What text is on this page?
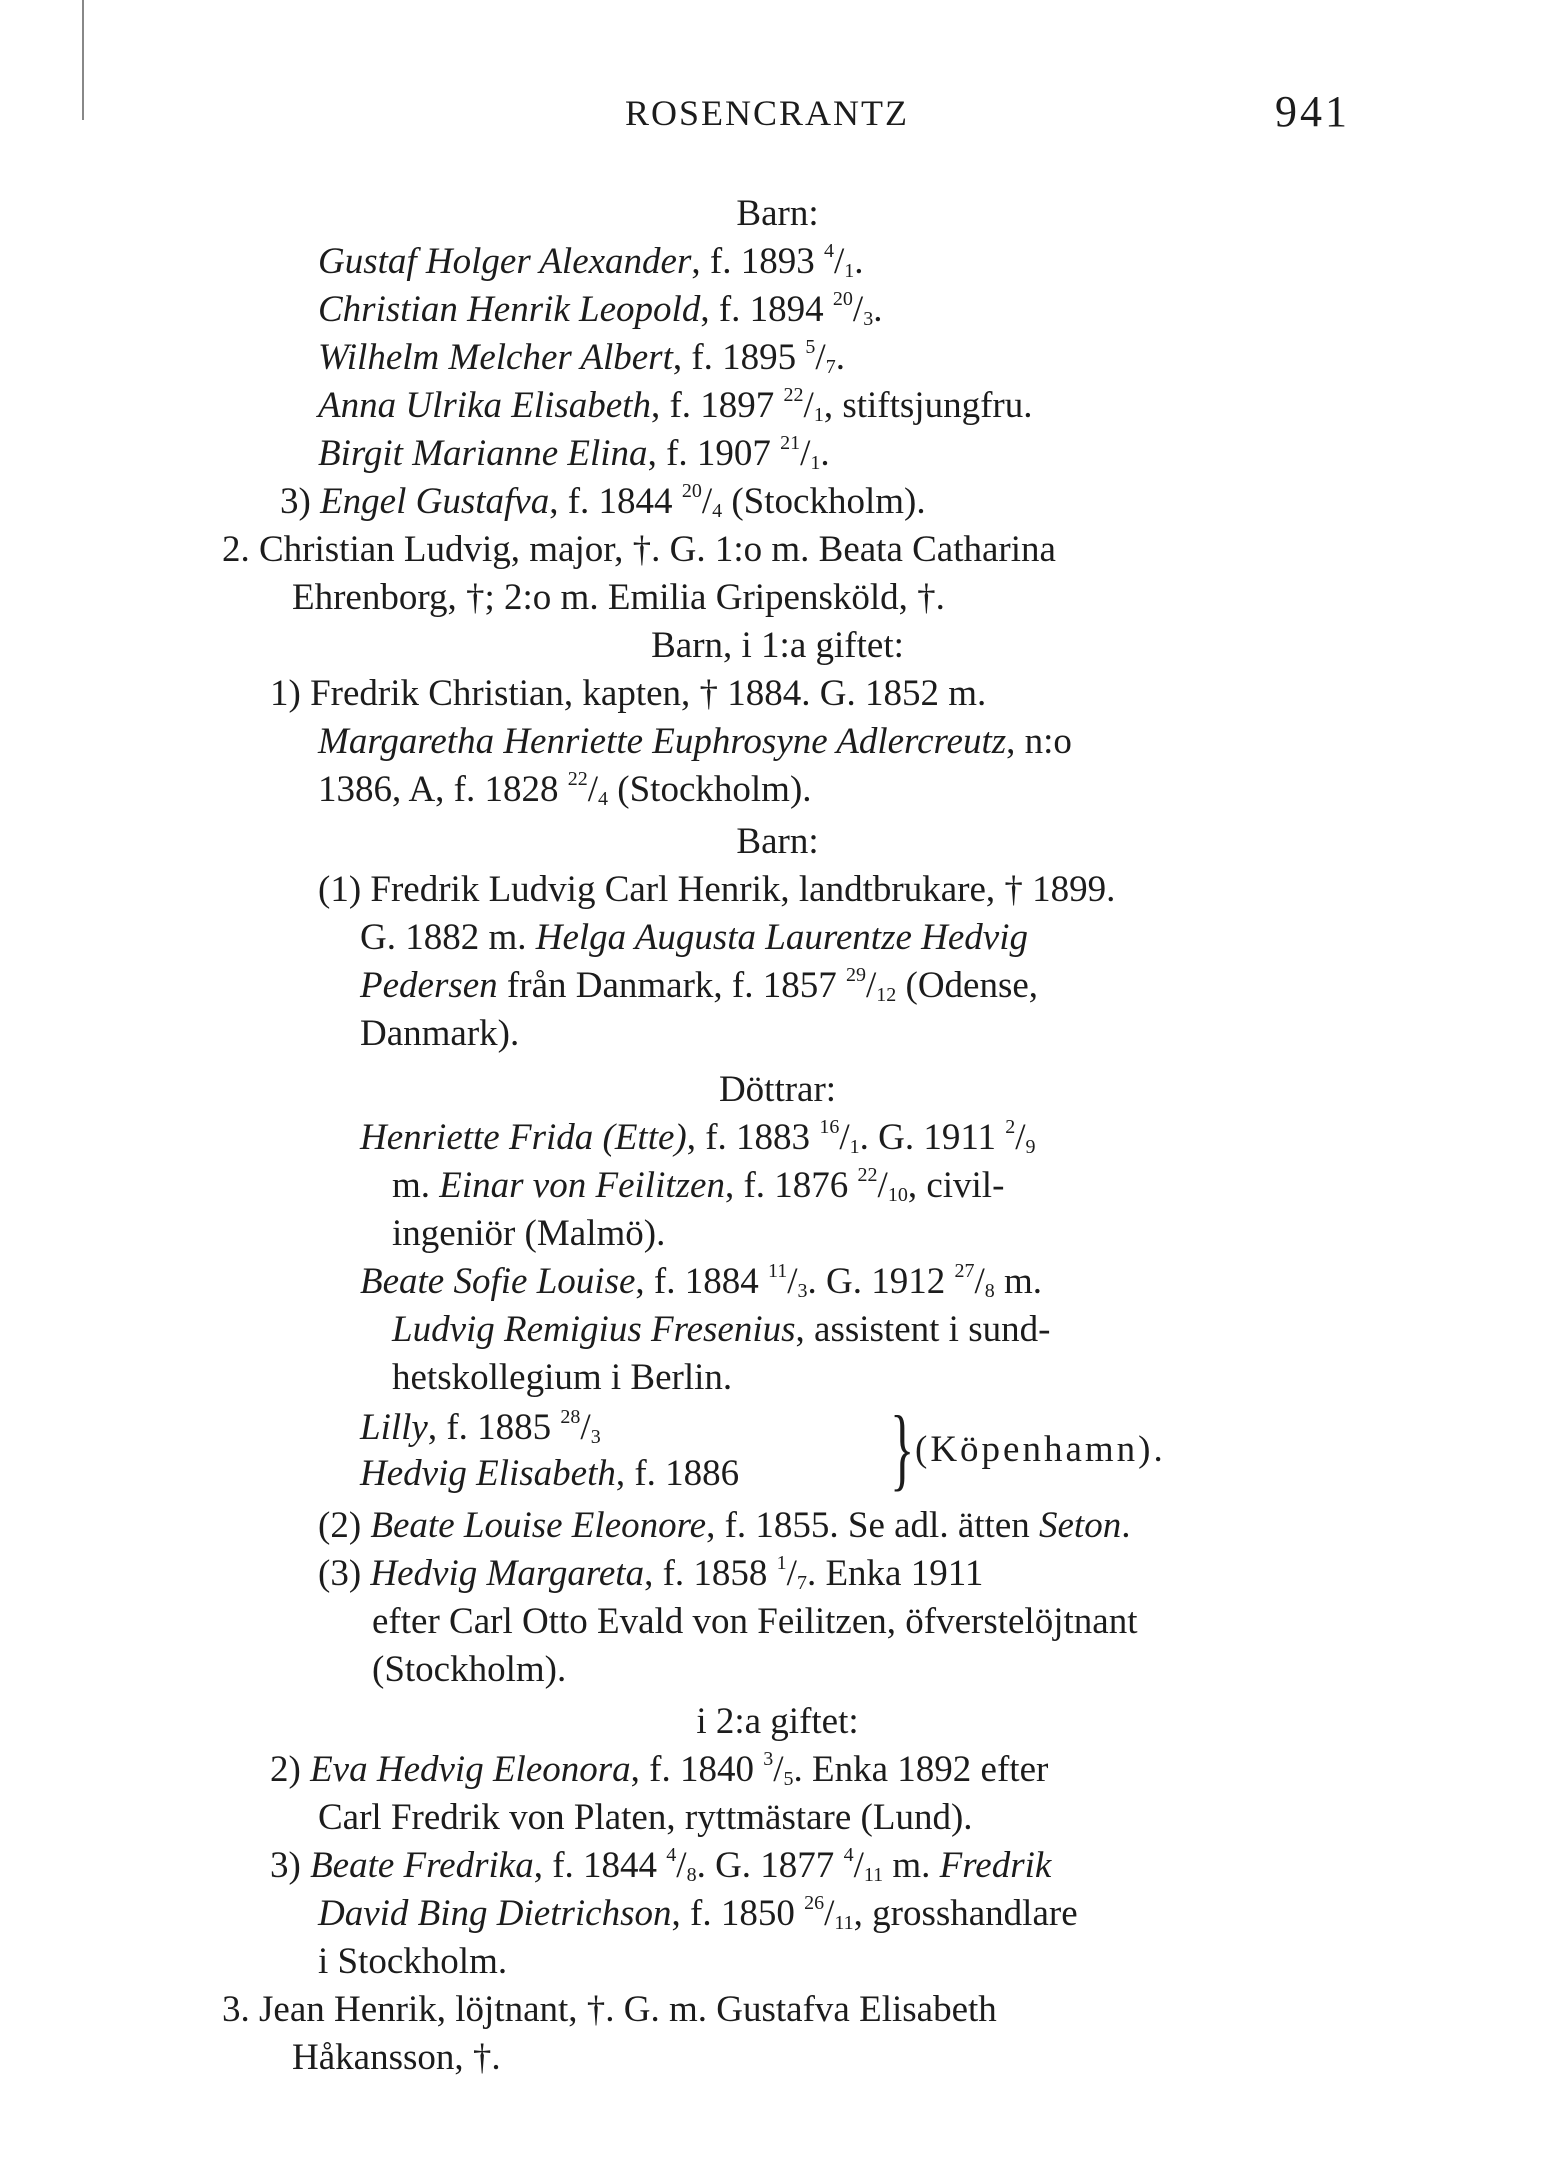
ROSENCRANTZ	941
Barn:
Gustaf Holger Alexander, f. 1893 $^4/_1$.
Christian Henrik Leopold, f. 1894 $^{20}/_3$.
Wilhelm Melcher Albert, f. 1895 $^5/_7$.
Anna Ulrika Elisabeth, f. 1897 $^{22}/_1$, stiftsjungfru.
Birgit Marianne Elina, f. 1907 $^{21}/_1$.
3) Engel Gustafva, f. 1844 $^{20}/_4$ (Stockholm).
2. Christian Ludvig, major, †. G. 1:o m. Beata Catharina
Ehrenborg, †; 2:o m. Emilia Gripensköld, †.
Barn, i 1:a giftet:
1) Fredrik Christian, kapten, † 1884. G. 1852 m.
Margaretha Henriette Euphrosyne Adlercreutz, n:o
1386, A, f. 1828 $^{22}/_4$ (Stockholm).
Barn:
(1) Fredrik Ludvig Carl Henrik, landtbrukare, † 1899.
G. 1882 m. Helga Augusta Laurentze Hedvig
Pedersen från Danmark, f. 1857 $^{29}/_{12}$ (Odense,
Danmark).
Döttrar:
Henriette Frida (Ette), f. 1883 $^{16}/_1$. G. 1911 $^2/_9$
m. Einar von Feilitzen, f. 1876 $^{22}/_{10}$, civil-
ingeniör (Malmö).
Beate Sofie Louise, f. 1884 $^{11}/_3$. G. 1912 $^{27}/_8$ m.
Ludvig Remigius Fresenius, assistent i sund-
hetskollegium i Berlin.
Lilly, f. 1885 $^{28}/_3$
Hedvig Elisabeth, f. 1886 } (Köpenhamn).
(2) Beate Louise Eleonore, f. 1855. Se adl. ätten Seton.
(3) Hedvig Margareta, f. 1858 $^1/_7$. Enka 1911
efter Carl Otto Evald von Feilitzen, öfverstelöjtnant
(Stockholm).
i 2:a giftet:
2) Eva Hedvig Eleonora, f. 1840 $^3/_5$. Enka 1892 efter
Carl Fredrik von Platen, ryttmästare (Lund).
3) Beate Fredrika, f. 1844 $^4/_8$. G. 1877 $^4/_{11}$ m. Fredrik
David Bing Dietrichson, f. 1850 $^{26}/_{11}$, grosshandlare
i Stockholm.
3. Jean Henrik, löjtnant, †. G. m. Gustafva Elisabeth
Håkansson, †.
